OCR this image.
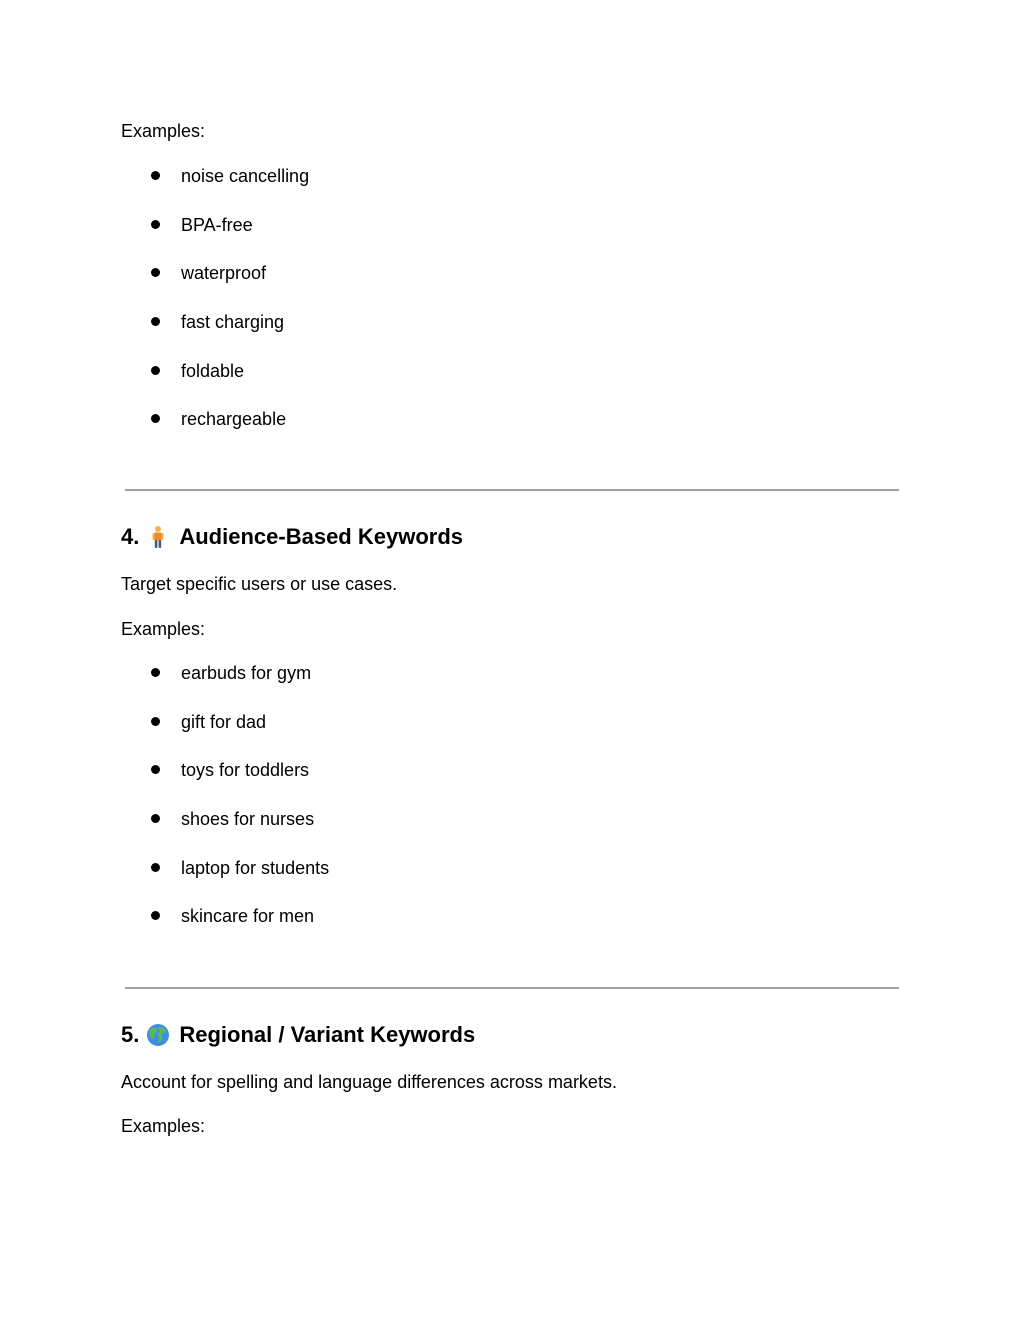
Examples:

noise cancelling
BPA-free
waterproof
fast charging
foldable
rechargeable
4. Audience-Based Keywords

Target specific users or use cases.

Examples:

earbuds for gym
gift for dad
toys for toddlers
shoes for nurses
laptop for students
skincare for men
5. Regional / Variant Keywords

Account for spelling and language differences across markets.

Examples:
